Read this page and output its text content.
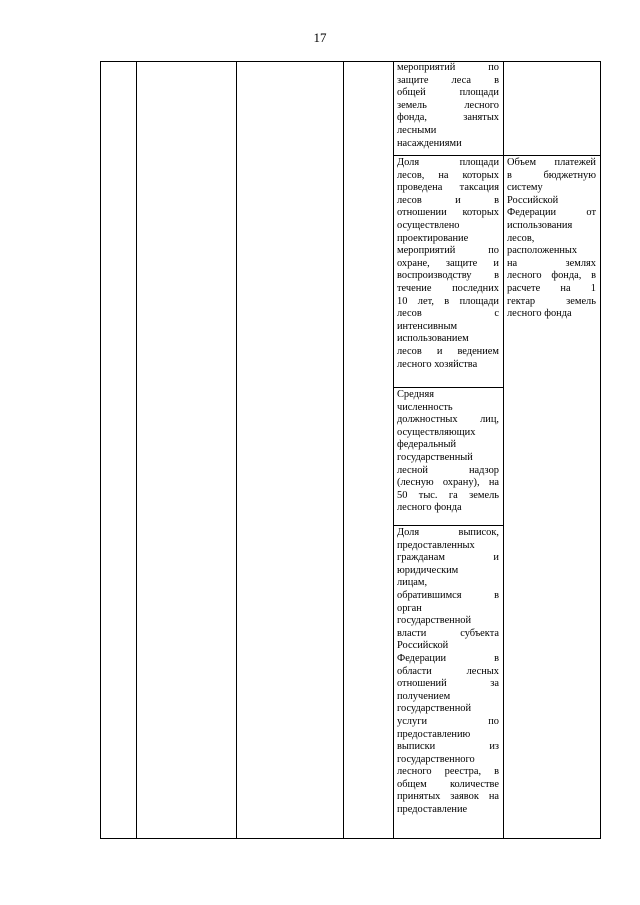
17
мероприятий по
защите леса в
общей площади
земель лесного
фонда, занятых
лесными
насаждениями
Доля площади
лесов, на которых
проведена таксация
лесов и в
отношении которых
осуществлено
проектирование
мероприятий по
охране, защите и
воспроизводству в
течение последних
10 лет, в площади
лесов с
интенсивным
использованием
лесов и ведением
лесного хозяйства
Средняя
численность
должностных лиц,
осуществляющих
федеральный
государственный
лесной надзор
(лесную охрану), на
50 тыс. га земель
лесного фонда
Доля выписок,
предоставленных
гражданам и
юридическим
лицам,
обратившимся в
орган
государственной
власти субъекта
Российской
Федерации в
области лесных
отношений за
получением
государственной
услуги по
предоставлению
выписки из
государственного
лесного реестра, в
общем количестве
принятых заявок на
предоставление
Объем платежей
в бюджетную
систему
Российской
Федерации от
использования
лесов,
расположенных
на землях
лесного фонда, в
расчете на 1
гектар земель
лесного фонда
